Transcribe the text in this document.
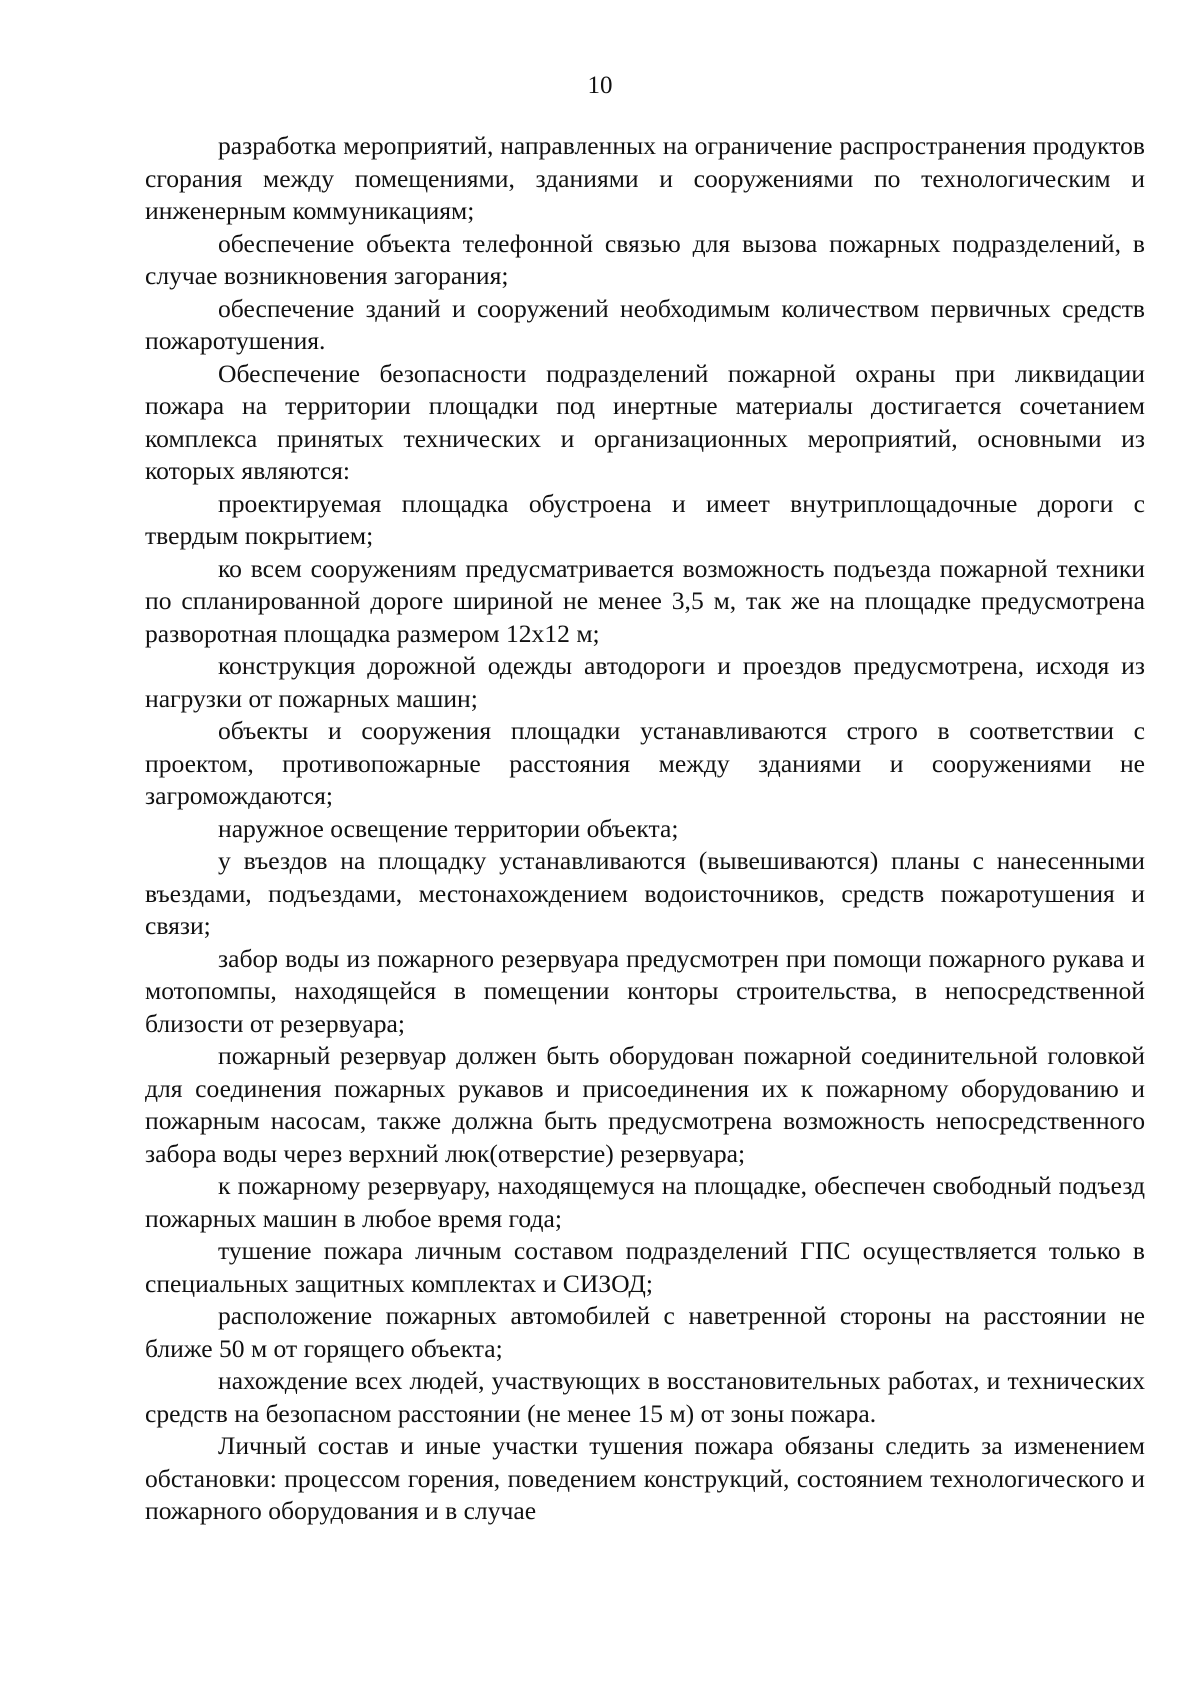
10

разработка мероприятий, направленных на ограничение распространения продуктов сгорания между помещениями, зданиями и сооружениями по технологическим и инженерным коммуникациям;

обеспечение объекта телефонной связью для вызова пожарных подразделений, в случае возникновения загорания;

обеспечение зданий и сооружений необходимым количеством первичных средств пожаротушения.

Обеспечение безопасности подразделений пожарной охраны при ликвидации пожара на территории площадки под инертные материалы достигается сочетанием комплекса принятых технических и организационных мероприятий, основными из которых являются:

проектируемая площадка обустроена и имеет внутриплощадочные дороги с твердым покрытием;

ко всем сооружениям предусматривается возможность подъезда пожарной техники по спланированной дороге шириной не менее 3,5 м, так же на площадке предусмотрена разворотная площадка размером 12х12 м;

конструкция дорожной одежды автодороги и проездов предусмотрена, исходя из нагрузки от пожарных машин;

объекты и сооружения площадки устанавливаются строго в соответствии с проектом, противопожарные расстояния между зданиями и сооружениями не загромождаются;

наружное освещение территории объекта;

у въездов на площадку устанавливаются (вывешиваются) планы с нанесенными въездами, подъездами, местонахождением водоисточников, средств пожаротушения и связи;

забор воды из пожарного резервуара предусмотрен при помощи пожарного рукава и мотопомпы, находящейся в помещении конторы строительства, в непосредственной близости от резервуара;

пожарный резервуар должен быть оборудован пожарной соединительной головкой для соединения пожарных рукавов и присоединения их к пожарному оборудованию и пожарным насосам, также должна быть предусмотрена возможность непосредственного забора воды через верхний люк(отверстие) резервуара;

к пожарному резервуару, находящемуся на площадке, обеспечен свободный подъезд пожарных машин в любое время года;

тушение пожара личным составом подразделений ГПС осуществляется только в специальных защитных комплектах и СИЗОД;

расположение пожарных автомобилей с наветренной стороны на расстоянии не ближе 50 м от горящего объекта;

нахождение всех людей, участвующих в восстановительных работах, и технических средств на безопасном расстоянии (не менее 15 м) от зоны пожара.

Личный состав и иные участки тушения пожара обязаны следить за изменением обстановки: процессом горения, поведением конструкций, состоянием технологического и пожарного оборудования и в случае
